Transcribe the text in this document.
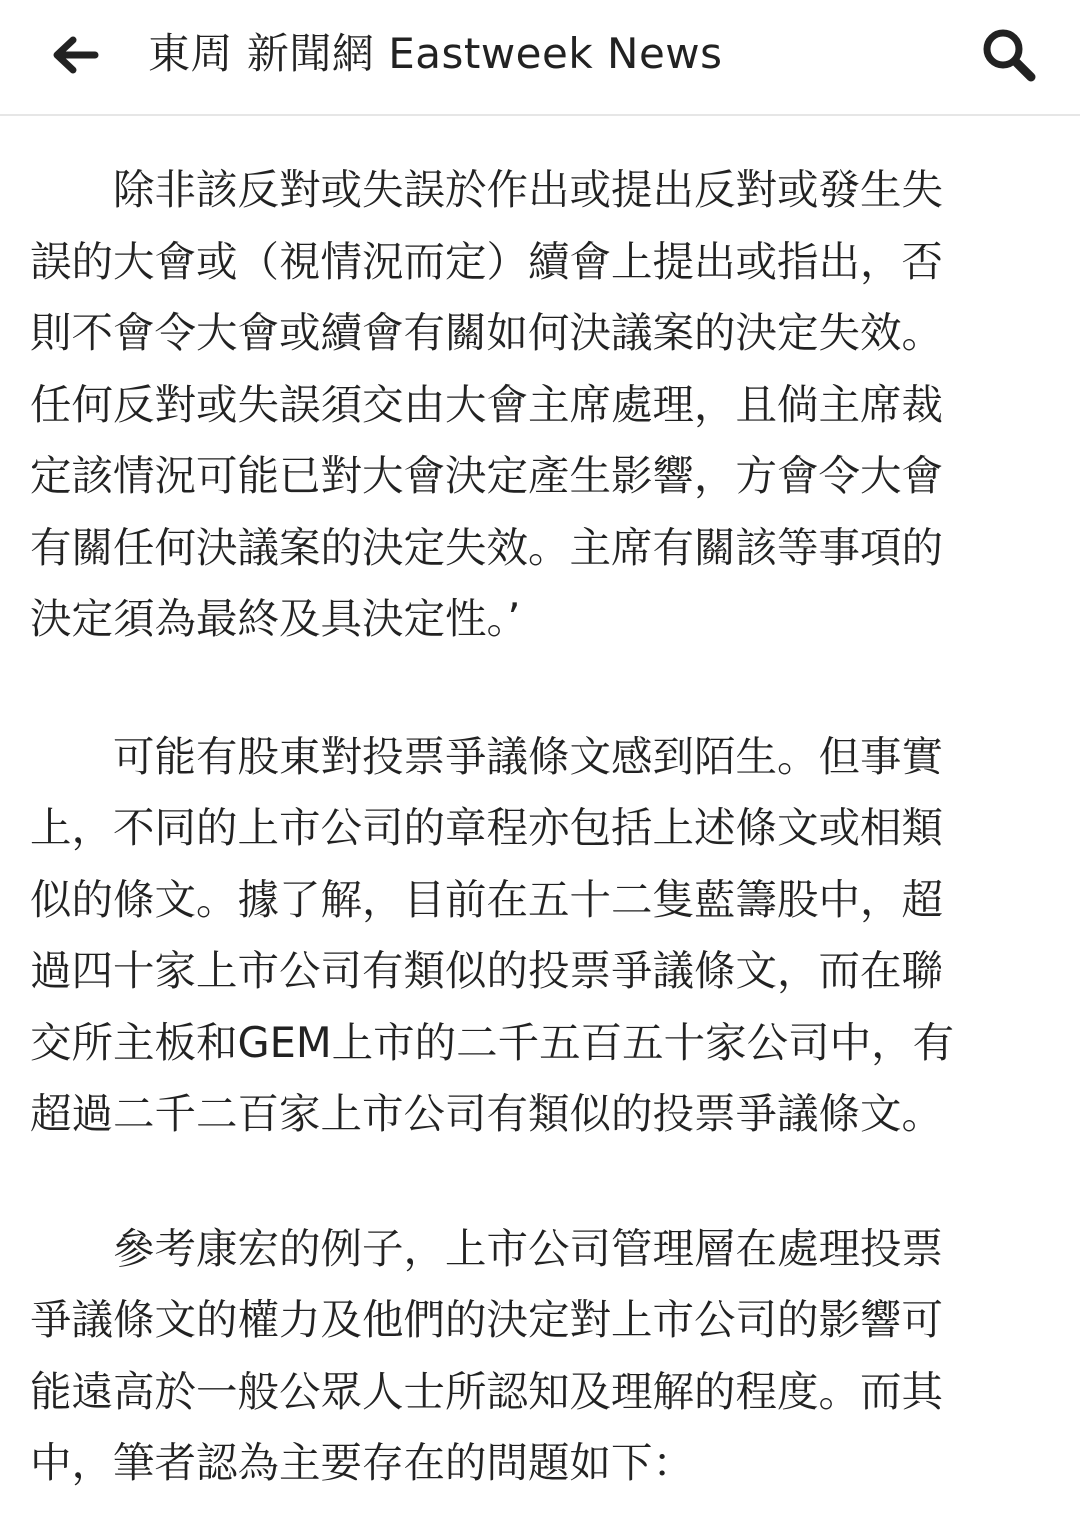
東周 新聞網 Eastweek News

　　除非該反對或失誤於作出或提出反對或發生失
誤的大會或（視情況而定）續會上提出或指出，否
則不會令大會或續會有關如何決議案的決定失效。
任何反對或失誤須交由大會主席處理，且倘主席裁
定該情況可能已對大會決定產生影響，方會令大會
有關任何決議案的決定失效。主席有關該等事項的
決定須為最終及具決定性。’

　　可能有股東對投票爭議條文感到陌生。但事實
上，不同的上市公司的章程亦包括上述條文或相類
似的條文。據了解，目前在五十二隻藍籌股中，超
過四十家上市公司有類似的投票爭議條文，而在聯
交所主板和GEM上市的二千五百五十家公司中，有
超過二千二百家上市公司有類似的投票爭議條文。

　　參考康宏的例子，上市公司管理層在處理投票
爭議條文的權力及他們的決定對上市公司的影響可
能遠高於一般公眾人士所認知及理解的程度。而其
中，筆者認為主要存在的問題如下：
